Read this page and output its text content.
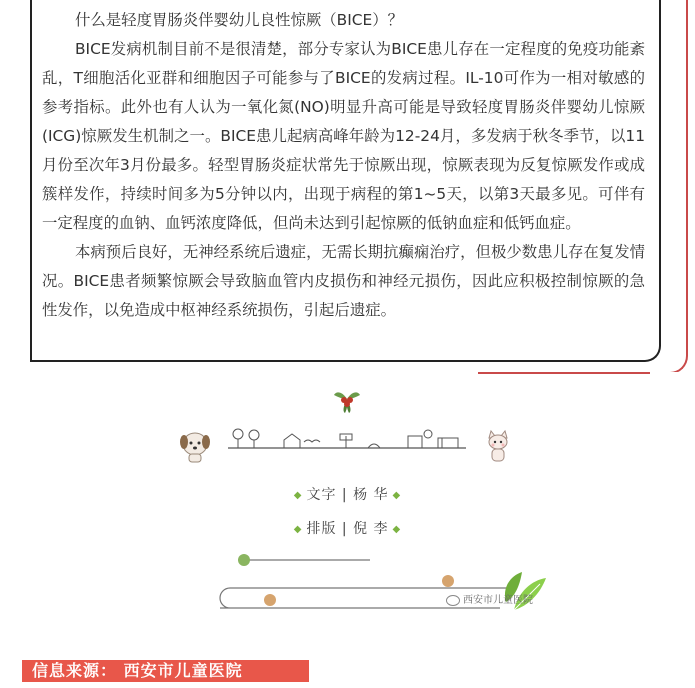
什么是轻度胃肠炎伴婴幼儿良性惊厥（BICE）？

BICE发病机制目前不是很清楚，部分专家认为BICE患儿存在一定程度的免疫功能紊乱，T细胞活化亚群和细胞因子可能参与了BICE的发病过程。IL-10可作为一相对敏感的参考指标。此外也有人认为一氧化氮(NO)明显升高可能是导致轻度胃肠炎伴婴幼儿惊厥(ICG)惊厥发生机制之一。BICE患儿起病高峰年龄为12-24月，多发病于秋冬季节，以11月份至次年3月份最多。轻型胃肠炎症状常先于惊厥出现，惊厥表现为反复惊厥发作或成簇样发作，持续时间多为5分钟以内，出现于病程的第1~5天，以第3天最多见。可伴有一定程度的血钠、血钙浓度降低，但尚未达到引起惊厥的低钠血症和低钙血症。

本病预后良好，无神经系统后遗症，无需长期抗癫痫治疗，但极少数患儿存在复发情况。BICE患者频繁惊厥会导致脑血管内皮损伤和神经元损伤，因此应积极控制惊厥的急性发作，以免造成中枢神经系统损伤，引起后遗症。

◆ 文字 | 杨 华 ◆
◆ 排版 | 倪 李 ◆
西安市儿童医院
信息来源： 西安市儿童医院
